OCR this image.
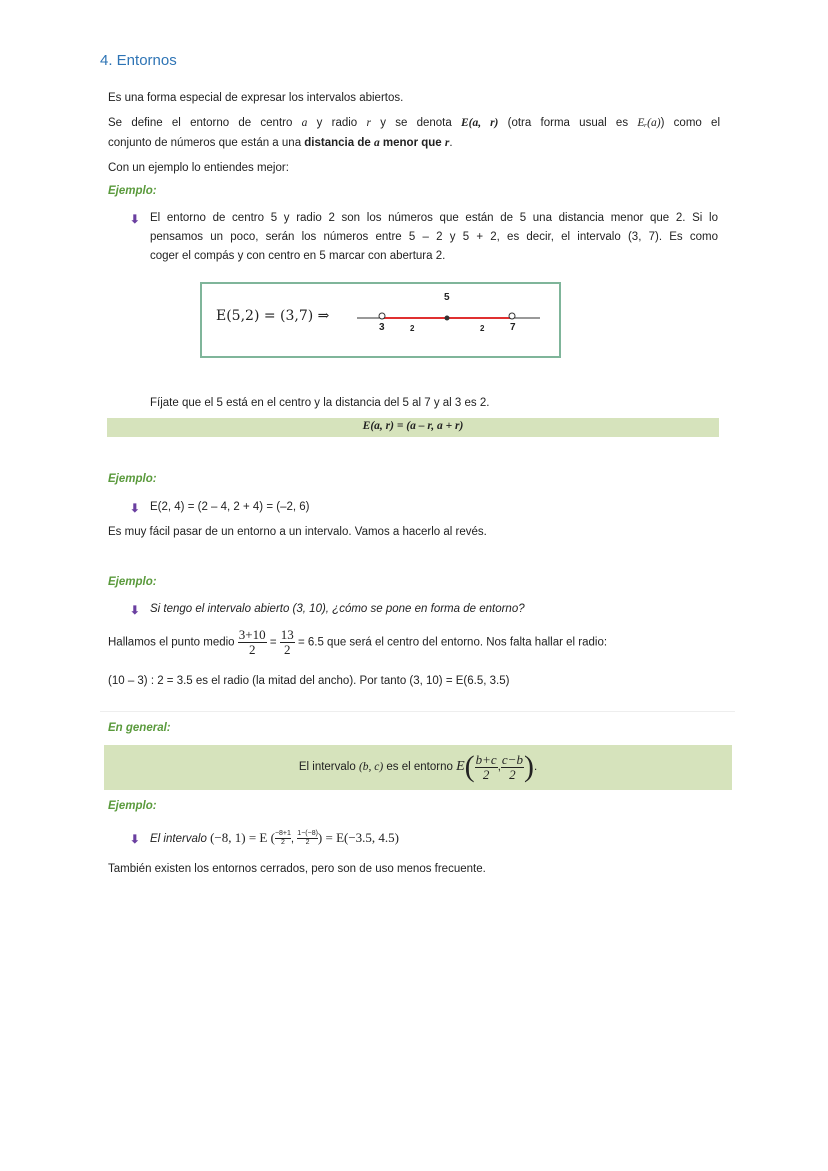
4. Entornos
Es una forma especial de expresar los intervalos abiertos.
Se define el entorno de centro a y radio r y se denota E(a, r) (otra forma usual es Eᵣ(a)) como el
conjunto de números que están a una distancia de a menor que r.
Con un ejemplo lo entiendes mejor:
Ejemplo:
⬇ El entorno de centro 5 y radio 2 son los números que están de 5 una distancia menor que 2. Si lo
pensamos un poco, serán los números entre 5 – 2 y 5 + 2, es decir, el intervalo (3, 7). Es como
coger el compás y con centro en 5 marcar con abertura 2.
E(5,2) = (3,7) ⇒
5
3	2	2	7
Fíjate que el 5 está en el centro y la distancia del 5 al 7 y al 3 es 2.
E(a, r) = (a – r, a + r)
Ejemplo:
⬇ E(2, 4) = (2 – 4, 2 + 4) = (–2, 6)
Es muy fácil pasar de un entorno a un intervalo. Vamos a hacerlo al revés.
Ejemplo:
⬇ Si tengo el intervalo abierto (3, 10), ¿cómo se pone en forma de entorno?
Hallamos el punto medio $\frac{3+10}{2} = \frac{13}{2} = 6.5$ que será el centro del entorno. Nos falta hallar el radio:
(10 – 3) : 2 = 3.5 es el radio (la mitad del ancho). Por tanto (3, 10) = E(6.5, 3.5)
En general:
El intervalo (b, c) es el entorno $E( \frac{b+c}{2}$ , $\frac{c-b}{2}$ ).
Ejemplo:
⬇ El intervalo (−8, 1) = E ( $\frac{-8+1}{2}$ , $\frac{1-(-8)}{2}$ ) = E(−3.5, 4.5)
También existen los entornos cerrados, pero son de uso menos frecuente.
